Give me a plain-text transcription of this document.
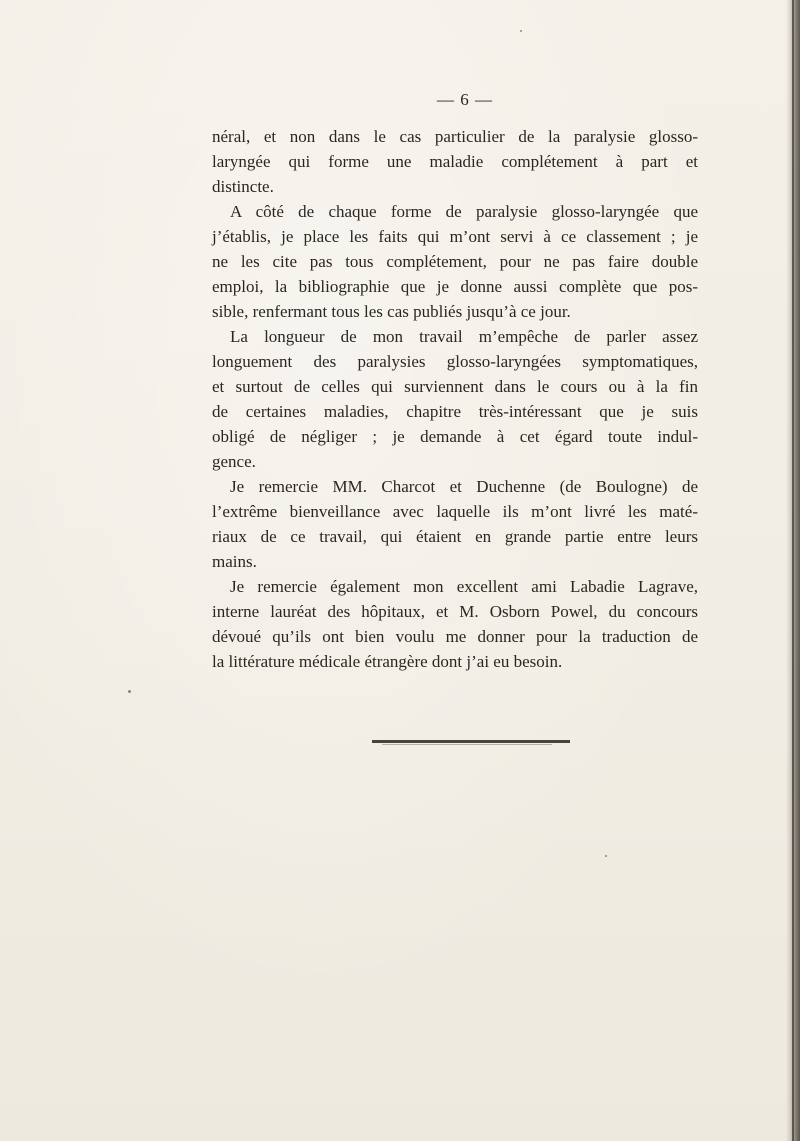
— 6 —
néral, et non dans le cas particulier de la paralysie glosso-
laryngée qui forme une maladie complétement à part et
distincte.
A côté de chaque forme de paralysie glosso-laryngée que
j’établis, je place les faits qui m’ont servi à ce classement ; je
ne les cite pas tous complétement, pour ne pas faire double
emploi, la bibliographie que je donne aussi complète que pos-
sible, renfermant tous les cas publiés jusqu’à ce jour.
La longueur de mon travail m’empêche de parler assez
longuement des paralysies glosso-laryngées symptomatiques,
et surtout de celles qui surviennent dans le cours ou à la fin
de certaines maladies, chapitre très-intéressant que je suis
obligé de négliger ; je demande à cet égard toute indul-
gence.
Je remercie MM. Charcot et Duchenne (de Boulogne) de
l’extrême bienveillance avec laquelle ils m’ont livré les maté-
riaux de ce travail, qui étaient en grande partie entre leurs
mains.
Je remercie également mon excellent ami Labadie Lagrave,
interne lauréat des hôpitaux, et M. Osborn Powel, du concours
dévoué qu’ils ont bien voulu me donner pour la traduction de
la littérature médicale étrangère dont j’ai eu besoin.
